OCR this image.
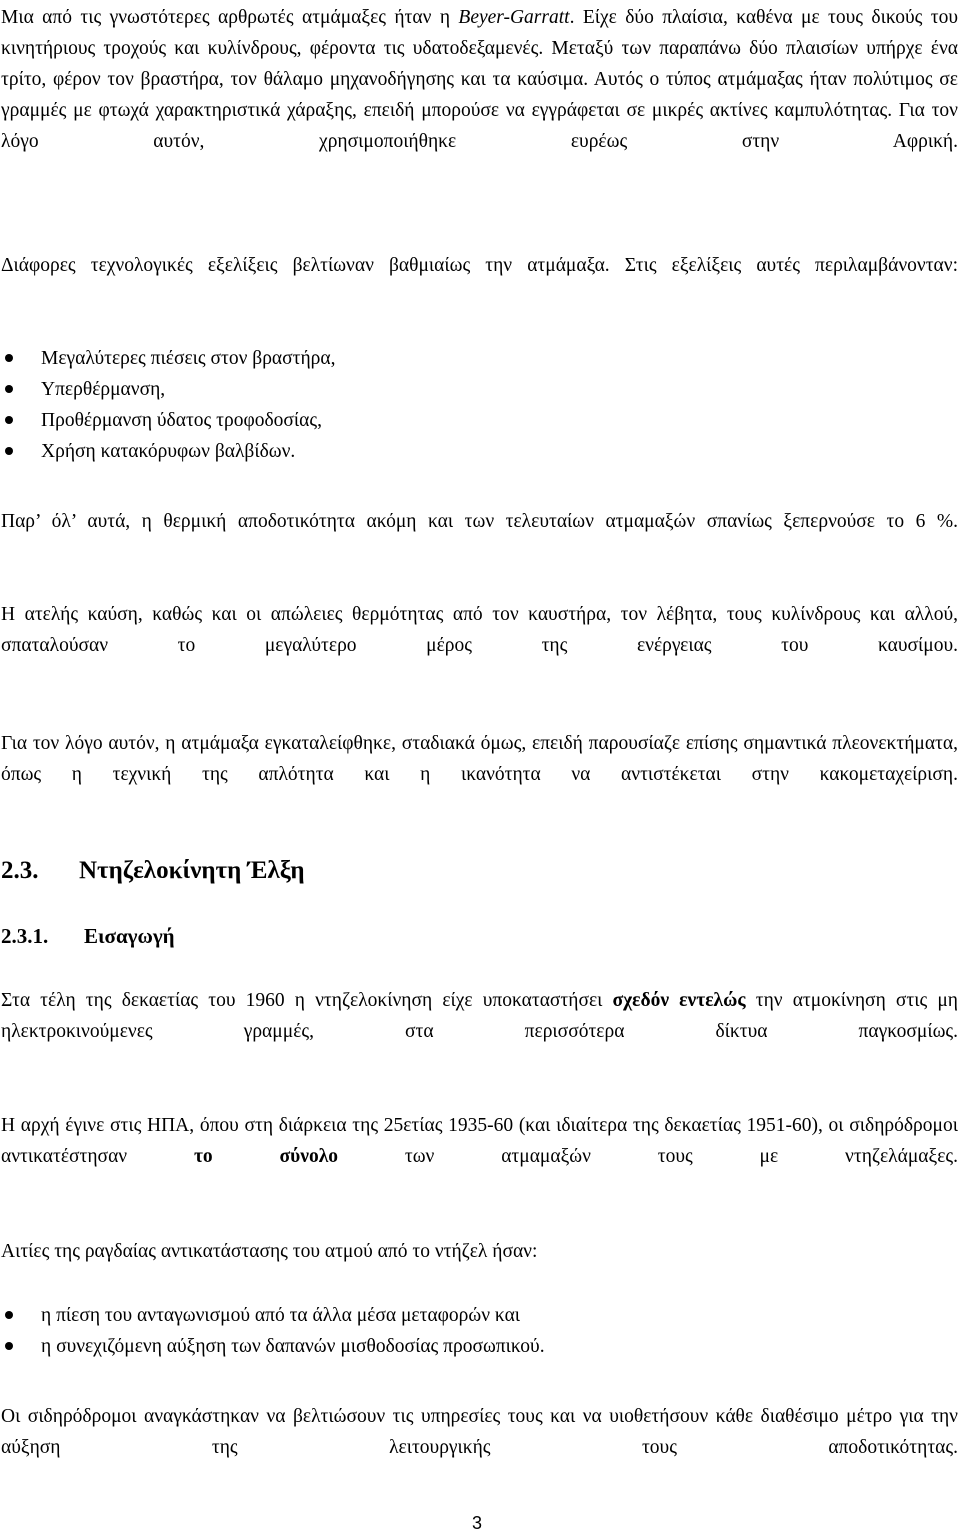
Μια από τις γνωστότερες αρθρωτές ατμάμαξες ήταν η Beyer-Garratt. Είχε δύο πλαίσια, καθένα με τους δικούς του κινητήριους τροχούς και κυλίνδρους, φέροντα τις υδατοδεξαμενές. Μεταξύ των παραπάνω δύο πλαισίων υπήρχε ένα τρίτο, φέρον τον βραστήρα, τον θάλαμο μηχανοδήγησης και τα καύσιμα. Αυτός ο τύπος ατμάμαξας ήταν πολύτιμος σε γραμμές με φτωχά χαρακτηριστικά χάραξης, επειδή μπορούσε να εγγράφεται σε μικρές ακτίνες καμπυλότητας. Για τον λόγο αυτόν, χρησιμοποιήθηκε ευρέως στην Αφρική.

Διάφορες τεχνολογικές εξελίξεις βελτίωναν βαθμιαίως την ατμάμαξα. Στις εξελίξεις αυτές περιλαμβάνονταν:

Μεγαλύτερες πιέσεις στον βραστήρα,
Υπερθέρμανση,
Προθέρμανση ύδατος τροφοδοσίας,
Χρήση κατακόρυφων βαλβίδων.

Παρ’ όλ’ αυτά, η θερμική αποδοτικότητα ακόμη και των τελευταίων ατμαμαξών σπανίως ξεπερνούσε το 6 %.

Η ατελής καύση, καθώς και οι απώλειες θερμότητας από τον καυστήρα, τον λέβητα, τους κυλίνδρους και αλλού, σπαταλούσαν το μεγαλύτερο μέρος της ενέργειας του καυσίμου.

Για τον λόγο αυτόν, η ατμάμαξα εγκαταλείφθηκε, σταδιακά όμως, επειδή παρουσίαζε επίσης σημαντικά πλεονεκτήματα, όπως η τεχνική της απλότητα και η ικανότητα να αντιστέκεται στην κακομεταχείριση.

2.3. Ντηζελοκίνητη Έλξη
2.3.1. Εισαγωγή

Στα τέλη της δεκαετίας του 1960 η ντηζελοκίνηση είχε υποκαταστήσει σχεδόν εντελώς την ατμοκίνηση στις μη ηλεκτροκινούμενες γραμμές, στα περισσότερα δίκτυα παγκοσμίως.

Η αρχή έγινε στις ΗΠΑ, όπου στη διάρκεια της 25ετίας 1935-60 (και ιδιαίτερα της δεκαετίας 1951-60), οι σιδηρόδρομοι αντικατέστησαν το σύνολο των ατμαμαξών τους με ντηζελάμαξες.

Αιτίες της ραγδαίας αντικατάστασης του ατμού από το ντήζελ ήσαν:

η πίεση του ανταγωνισμού από τα άλλα μέσα μεταφορών και
η συνεχιζόμενη αύξηση των δαπανών μισθοδοσίας προσωπικού.

Οι σιδηρόδρομοι αναγκάστηκαν να βελτιώσουν τις υπηρεσίες τους και να υιοθετήσουν κάθε διαθέσιμο μέτρο για την αύξηση της λειτουργικής τους αποδοτικότητας.

3
